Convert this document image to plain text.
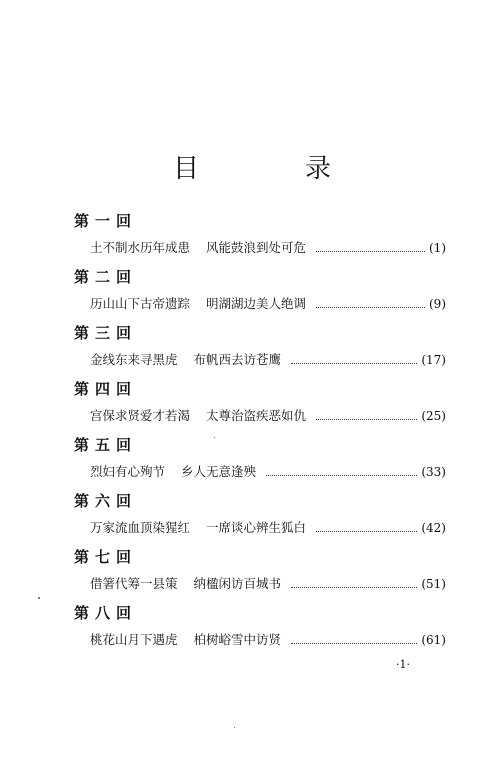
目　录
第一回
土不制水历年成患 风能鼓浪到处可危	(1)
第二回
历山山下古帝遗踪 明湖湖边美人绝调	(9)
第三回
金线东来寻黑虎 布帆西去访苍鹰	(17)
第四回
宫保求贤爱才若渴 太尊治盗疾恶如仇	(25)
第五回
烈妇有心殉节 乡人无意逢殃	(33)
第六回
万家流血顶染猩红 一席谈心辨生狐白	(42)
第七回
借箸代筹一县策 纳楹闲访百城书	(51)
第八回
桃花山月下遇虎 柏树峪雪中访贤	(61)
·1·
